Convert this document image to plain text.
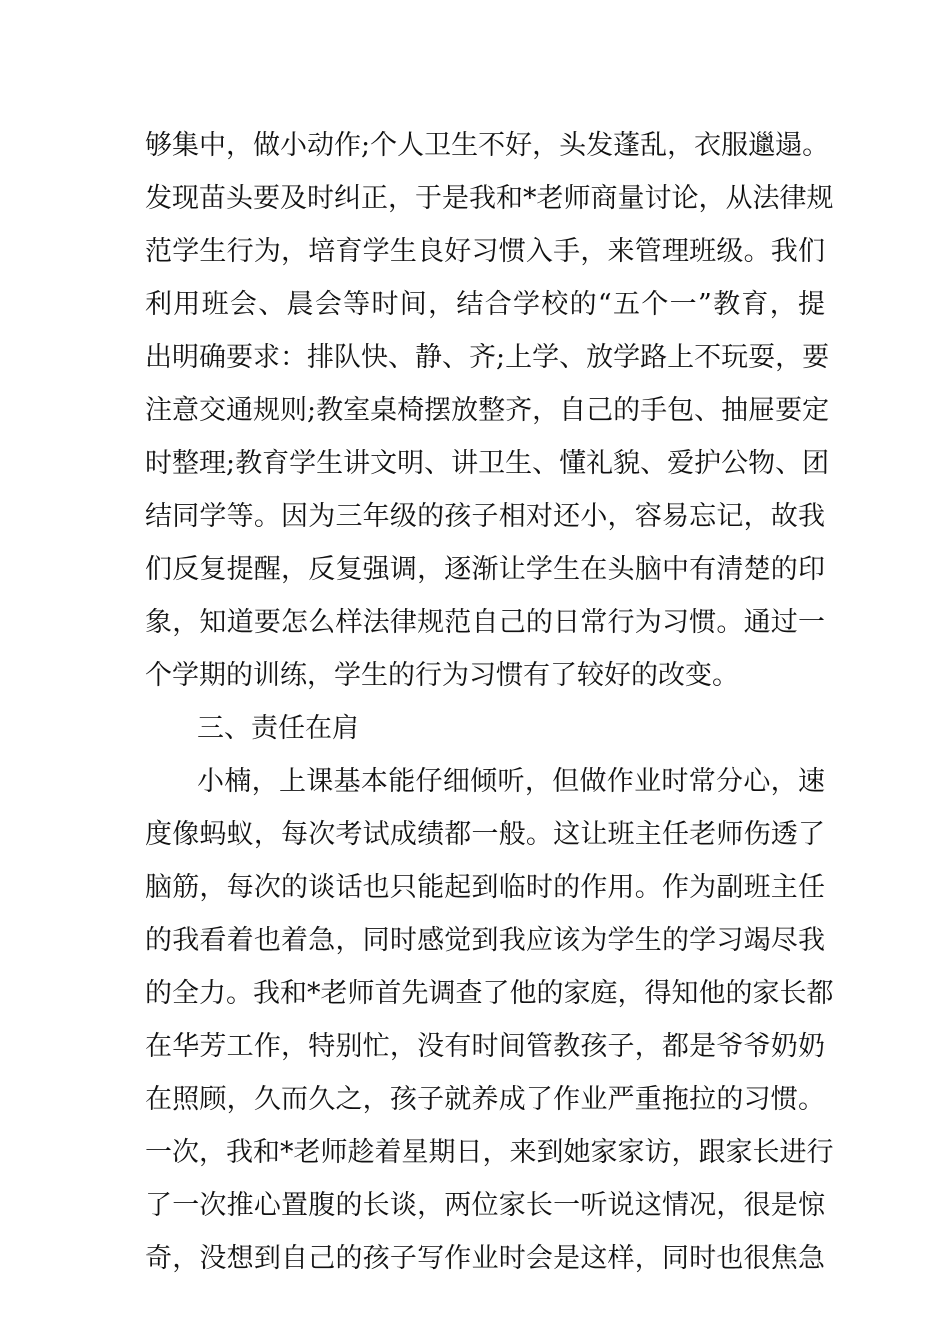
够集中，做小动作;个人卫生不好，头发蓬乱，衣服邋遢。
发现苗头要及时纠正，于是我和*老师商量讨论，从法律规
范学生行为，培育学生良好习惯入手，来管理班级。我们
利用班会、晨会等时间，结合学校的“五个一”教育，提
出明确要求：排队快、静、齐;上学、放学路上不玩耍，要
注意交通规则;教室桌椅摆放整齐，自己的手包、抽屉要定
时整理;教育学生讲文明、讲卫生、懂礼貌、爱护公物、团
结同学等。因为三年级的孩子相对还小，容易忘记，故我
们反复提醒，反复强调，逐渐让学生在头脑中有清楚的印
象，知道要怎么样法律规范自己的日常行为习惯。通过一
个学期的训练，学生的行为习惯有了较好的改变。
三、责任在肩
小楠，上课基本能仔细倾听，但做作业时常分心，速
度像蚂蚁，每次考试成绩都一般。这让班主任老师伤透了
脑筋，每次的谈话也只能起到临时的作用。作为副班主任
的我看着也着急，同时感觉到我应该为学生的学习竭尽我
的全力。我和*老师首先调查了他的家庭，得知他的家长都
在华芳工作，特别忙，没有时间管教孩子，都是爷爷奶奶
在照顾，久而久之，孩子就养成了作业严重拖拉的习惯。
一次，我和*老师趁着星期日，来到她家家访，跟家长进行
了一次推心置腹的长谈，两位家长一听说这情况，很是惊
奇，没想到自己的孩子写作业时会是这样，同时也很焦急
